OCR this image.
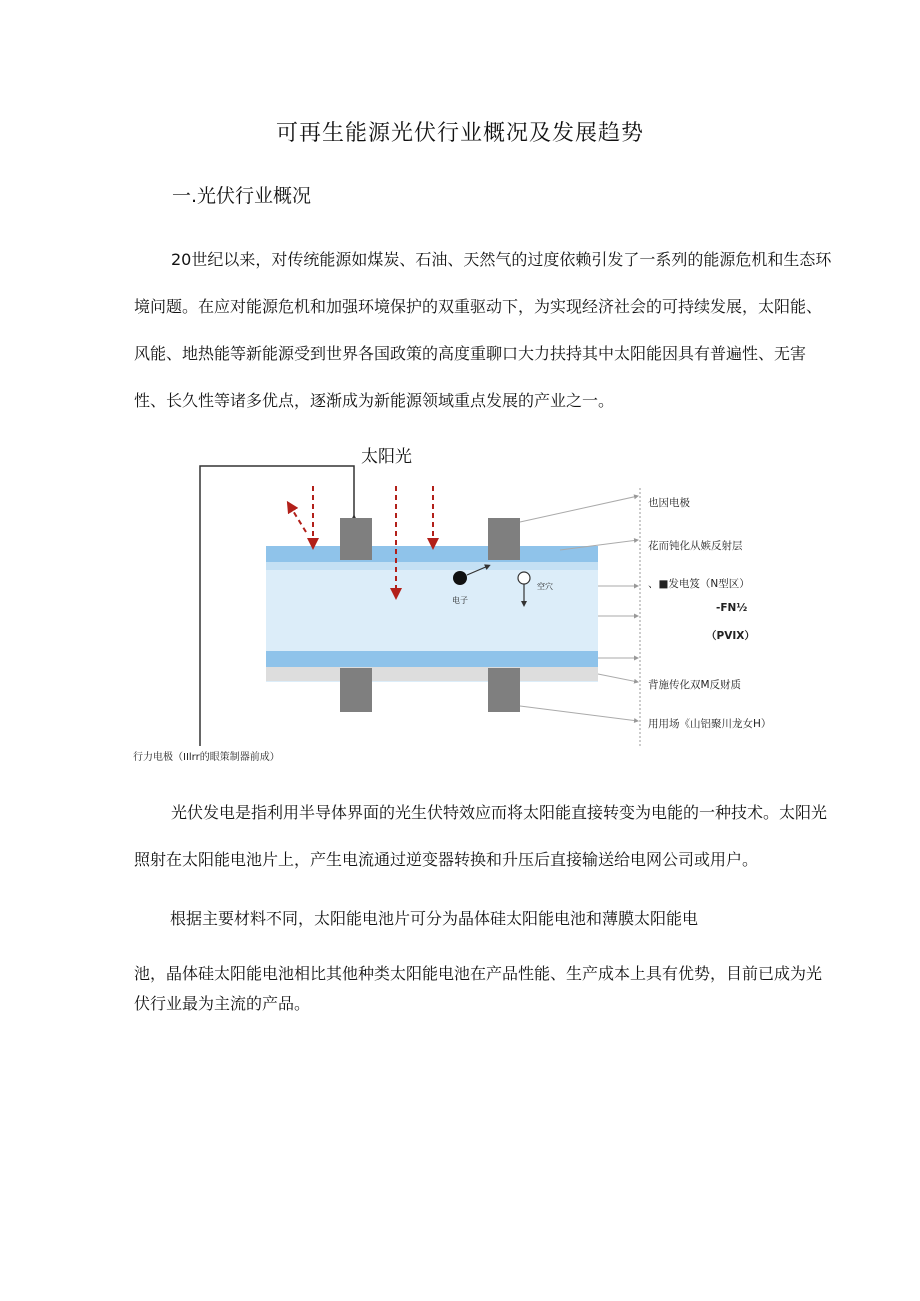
可再生能源光伏行业概况及发展趋势
一.光伏行业概况

20世纪以来，对传统能源如煤炭、石油、天然气的过度依赖引发了一系列的能源危机和生态环境问题。在应对能源危机和加强环境保护的双重驱动下，为实现经济社会的可持续发展，太阳能、风能、地热能等新能源受到世界各国政策的高度重聊口大力扶持其中太阳能因具有普遍性、无害性、长久性等诸多优点，逐渐成为新能源领域重点发展的产业之一。

太阳光
电子
空穴
也因电极
花而钝化从嫉反射层
、■发电笈（N型区）
-FN½
（PVIX）
背施传化双M反财质
用用场《山铝聚川龙女H）
行力电极（IIlrr的眼策制器前成）

光伏发电是指利用半导体界面的光生伏特效应而将太阳能直接转变为电能的一种技术。太阳光照射在太阳能电池片上，产生电流通过逆变器转换和升压后直接输送给电网公司或用户。

根据主要材料不同，太阳能电池片可分为晶体硅太阳能电池和薄膜太阳能电

池，晶体硅太阳能电池相比其他种类太阳能电池在产品性能、生产成本上具有优势，目前已成为光伏行业最为主流的产品。
